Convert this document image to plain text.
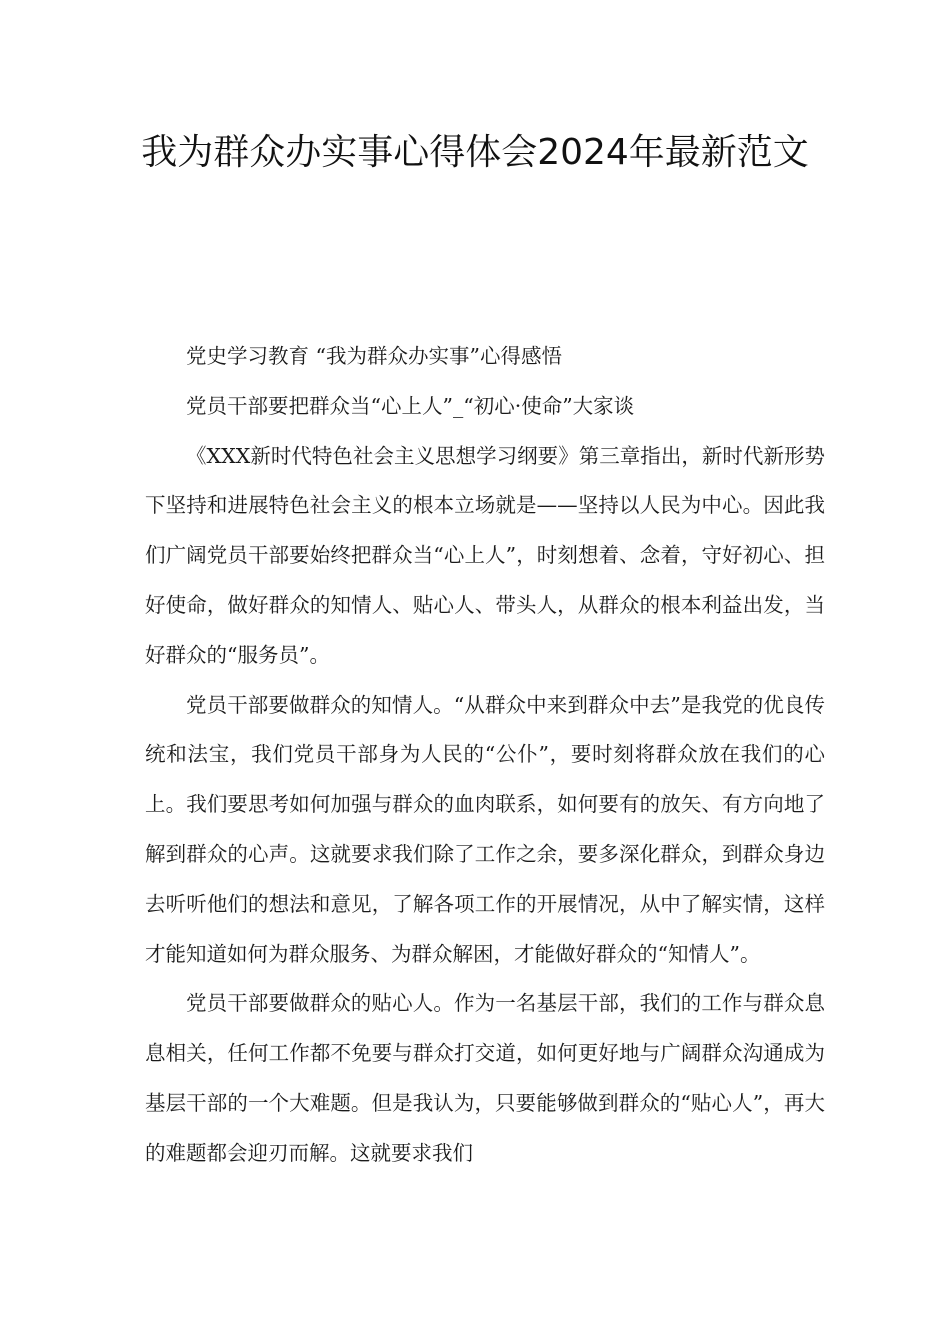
我为群众办实事心得体会2024年最新范文

党史学习教育 “我为群众办实事”心得感悟

党员干部要把群众当“心上人”_“初心·使命”大家谈

《XXX新时代特色社会主义思想学习纲要》第三章指出，新时代新形势下坚持和进展特色社会主义的根本立场就是——坚持以人民为中心。因此我们广阔党员干部要始终把群众当“心上人”，时刻想着、念着，守好初心、担好使命，做好群众的知情人、贴心人、带头人，从群众的根本利益出发，当好群众的“服务员”。

党员干部要做群众的知情人。“从群众中来到群众中去”是我党的优良传统和法宝，我们党员干部身为人民的“公仆”，要时刻将群众放在我们的心上。我们要思考如何加强与群众的血肉联系，如何要有的放矢、有方向地了解到群众的心声。这就要求我们除了工作之余，要多深化群众，到群众身边去听听他们的想法和意见，了解各项工作的开展情况，从中了解实情，这样才能知道如何为群众服务、为群众解困，才能做好群众的“知情人”。

党员干部要做群众的贴心人。作为一名基层干部，我们的工作与群众息息相关，任何工作都不免要与群众打交道，如何更好地与广阔群众沟通成为基层干部的一个大难题。但是我认为，只要能够做到群众的“贴心人”，再大的难题都会迎刃而解。这就要求我们
